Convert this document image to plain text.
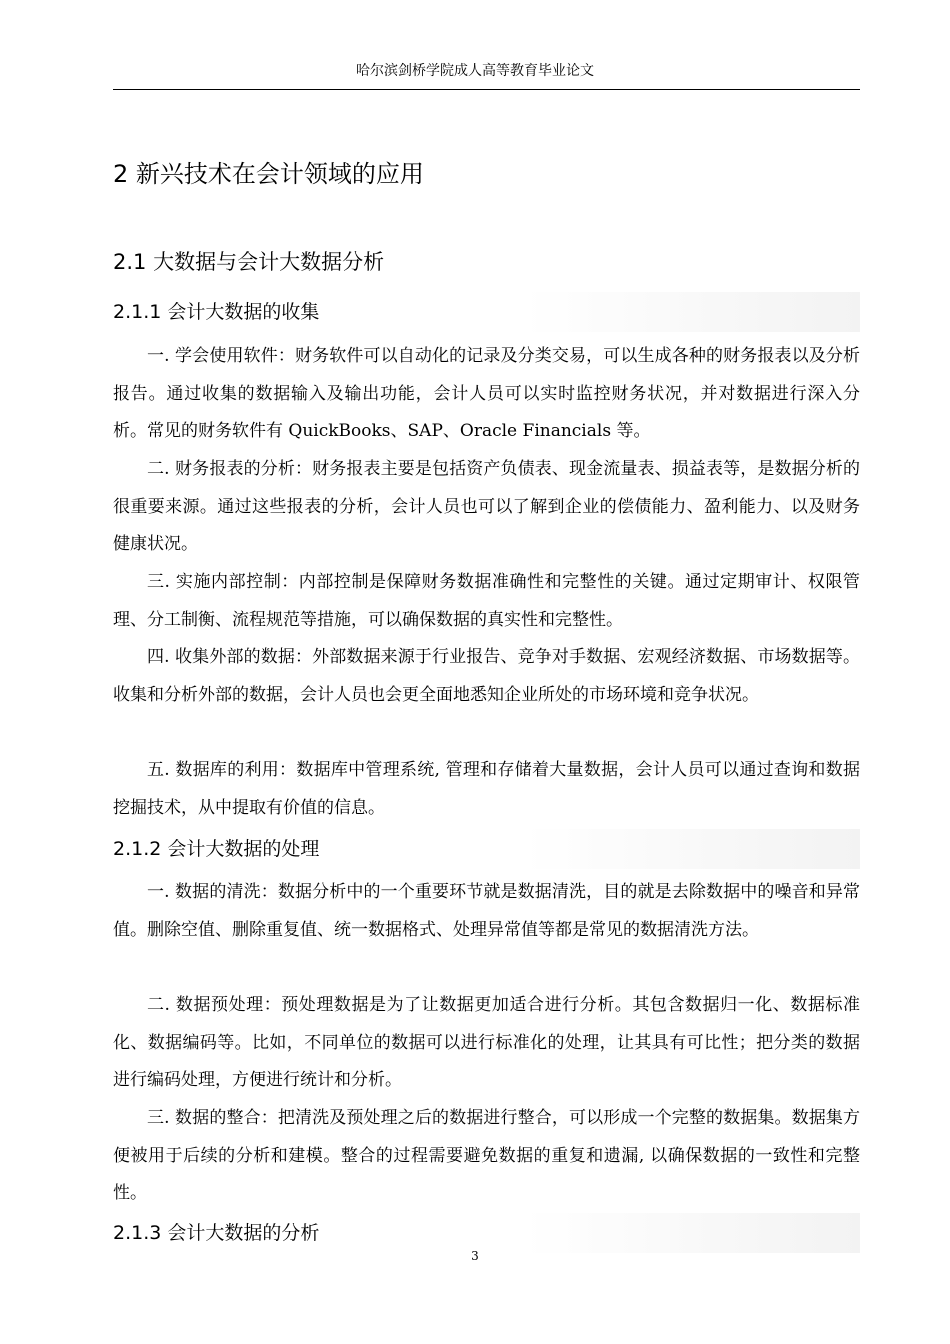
哈尔滨剑桥学院成人高等教育毕业论文
2 新兴技术在会计领域的应用
2.1 大数据与会计大数据分析
2.1.1 会计大数据的收集

一. 学会使用软件：财务软件可以自动化的记录及分类交易，可以生成各种的财务报表以及分析报告。通过收集的数据输入及输出功能，会计人员可以实时监控财务状况，并对数据进行深入分析。常见的财务软件有 QuickBooks、SAP、Oracle Financials 等。

二. 财务报表的分析：财务报表主要是包括资产负债表、现金流量表、损益表等，是数据分析的很重要来源。通过这些报表的分析，会计人员也可以了解到企业的偿债能力、盈利能力、以及财务健康状况。

三. 实施内部控制：内部控制是保障财务数据准确性和完整性的关键。通过定期审计、权限管理、分工制衡、流程规范等措施，可以确保数据的真实性和完整性。

四. 收集外部的数据：外部数据来源于行业报告、竞争对手数据、宏观经济数据、市场数据等。收集和分析外部的数据，会计人员也会更全面地悉知企业所处的市场环境和竞争状况。

五. 数据库的利用：数据库中管理系统, 管理和存储着大量数据，会计人员可以通过查询和数据挖掘技术，从中提取有价值的信息。

2.1.2 会计大数据的处理

一. 数据的清洗：数据分析中的一个重要环节就是数据清洗，目的就是去除数据中的噪音和异常值。删除空值、删除重复值、统一数据格式、处理异常值等都是常见的数据清洗方法。

二. 数据预处理：预处理数据是为了让数据更加适合进行分析。其包含数据归一化、数据标准化、数据编码等。比如，不同单位的数据可以进行标准化的处理，让其具有可比性；把分类的数据进行编码处理，方便进行统计和分析。

三. 数据的整合：把清洗及预处理之后的数据进行整合，可以形成一个完整的数据集。数据集方便被用于后续的分析和建模。整合的过程需要避免数据的重复和遗漏, 以确保数据的一致性和完整性。

2.1.3 会计大数据的分析
3
